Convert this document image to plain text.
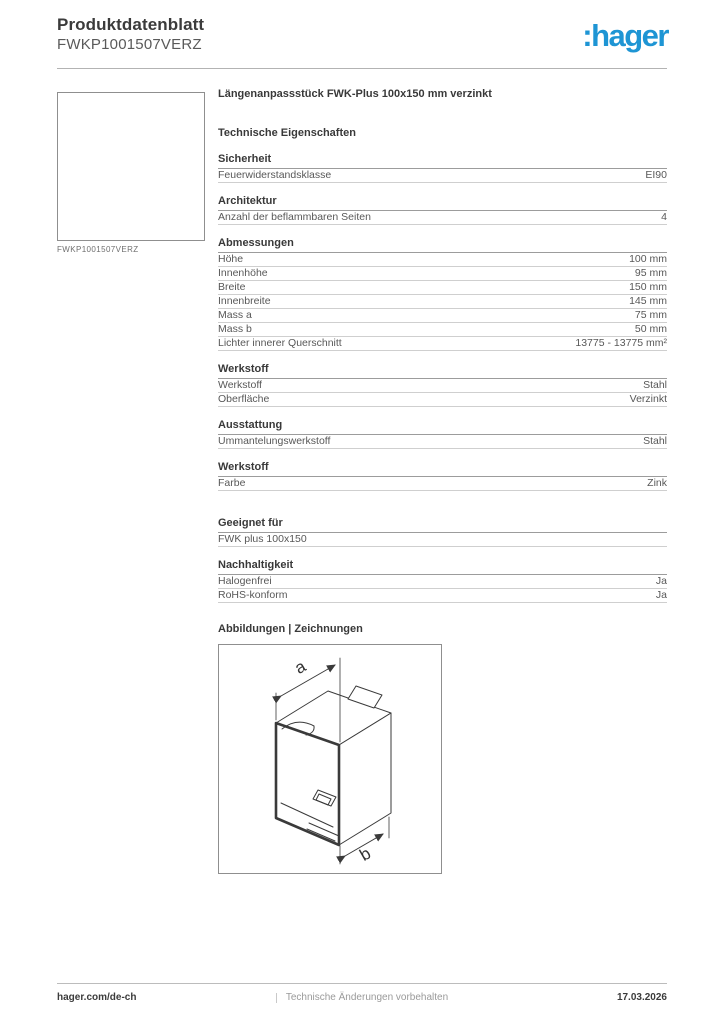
Produktdatenblatt
FWKP1001507VERZ	:hager
FWKP1001507VERZ
Längenanpassstück FWK-Plus 100x150 mm verzinkt
Technische Eigenschaften
Sicherheit
Feuerwiderstandsklasse	EI90
Architektur
Anzahl der beflammbaren Seiten	4
Abmessungen
Höhe	100 mm
Innenhöhe	95 mm
Breite	150 mm
Innenbreite	145 mm
Mass a	75 mm
Mass b	50 mm
Lichter innerer Querschnitt	13775 - 13775 mm²
Werkstoff
Werkstoff	Stahl
Oberfläche	Verzinkt
Ausstattung
Ummantelungswerkstoff	Stahl
Werkstoff
Farbe	Zink
Geeignet für
FWK plus 100x150
Nachhaltigkeit
Halogenfrei	Ja
RoHS-konform	Ja
Abbildungen | Zeichnungen
a
b
hager.com/de-ch	Technische Änderungen vorbehalten	17.03.2026
